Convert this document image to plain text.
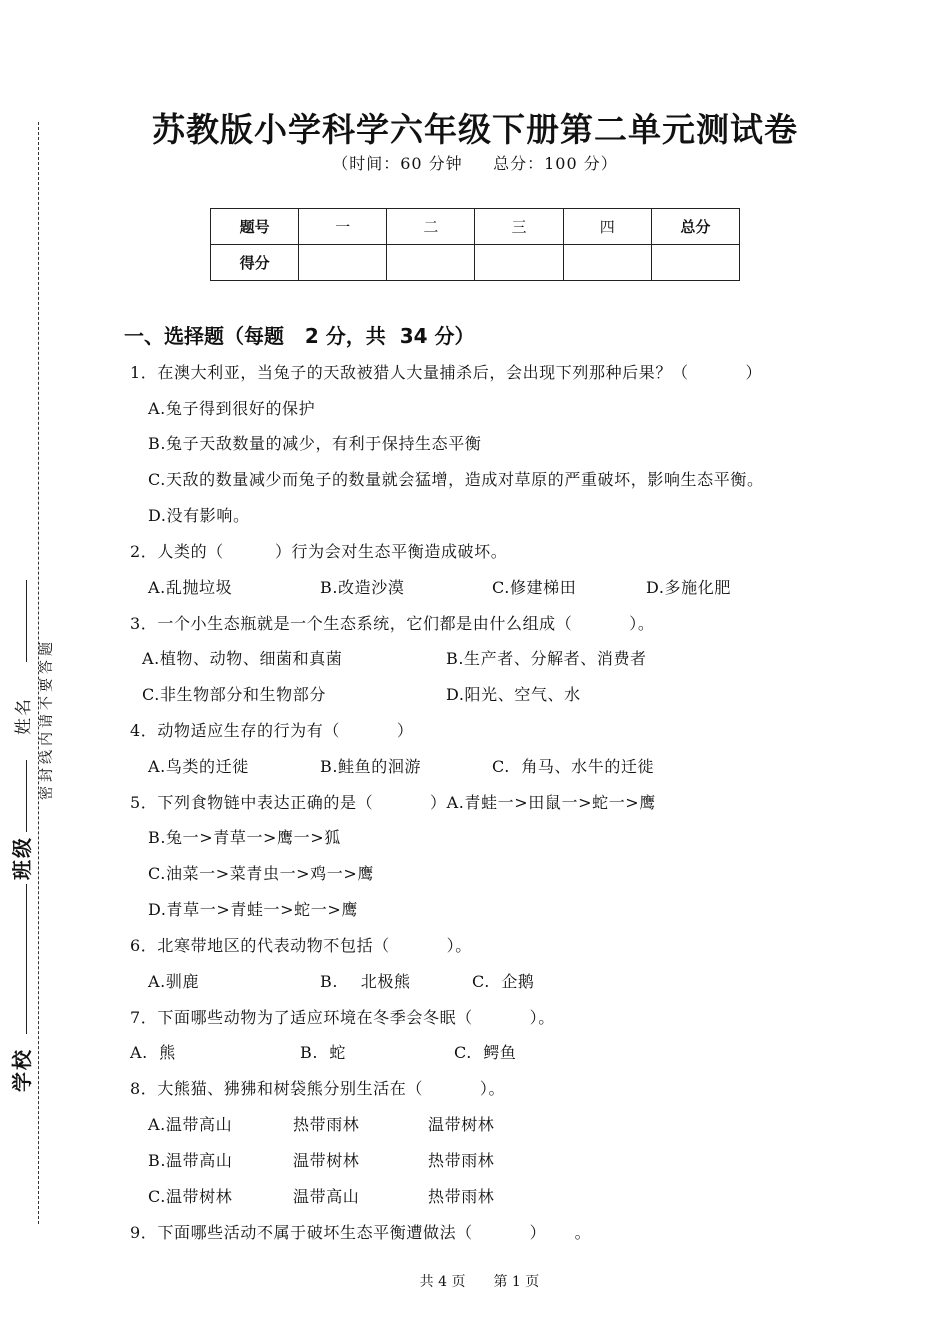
密封线内请不要答题
姓名
班级
学校
苏教版小学科学六年级下册第二单元测试卷
（时间：60 分钟     总分：100 分）
题号	一	二	三	四	总分
得分					
一、选择题（每题   2 分，共  34 分）
1．在澳大利亚，当兔子的天敌被猎人大量捕杀后，会出现下列那种后果？（          ）
A.兔子得到很好的保护
B.兔子天敌数量的减少，有利于保持生态平衡
C.天敌的数量减少而兔子的数量就会猛增，造成对草原的严重破坏，影响生态平衡。
D.没有影响。
2．人类的（         ）行为会对生态平衡造成破坏。
A.乱抛垃圾	B.改造沙漠	C.修建梯田	D.多施化肥
3．一个小生态瓶就是一个生态系统，它们都是由什么组成（          ）。
A.植物、动物、细菌和真菌	B.生产者、分解者、消费者
C.非生物部分和生物部分	D.阳光、空气、水
4．动物适应生存的行为有（          ）
A.鸟类的迁徙	B.鲑鱼的洄游	C.  角马、水牛的迁徙
5．下列食物链中表达正确的是（          ）A.青蛙一>田鼠一>蛇一>鹰
B.兔一>青草一>鹰一>狐
C.油菜一>菜青虫一>鸡一>鹰
D.青草一>青蛙一>蛇一>鹰
6．北寒带地区的代表动物不包括（          ）。
A.驯鹿	B.    北极熊	C.  企鹅
7．下面哪些动物为了适应环境在冬季会冬眠（          ）。
A.  熊	B.  蛇	C.  鳄鱼
8．大熊猫、狒狒和树袋熊分别生活在（          ）。
A.温带高山	热带雨林	温带树林
B.温带高山	温带树林	热带雨林
C.温带树林	温带高山	热带雨林
9．下面哪些活动不属于破坏生态平衡遭做法（          ）     。

共 4 页 第 1 页
